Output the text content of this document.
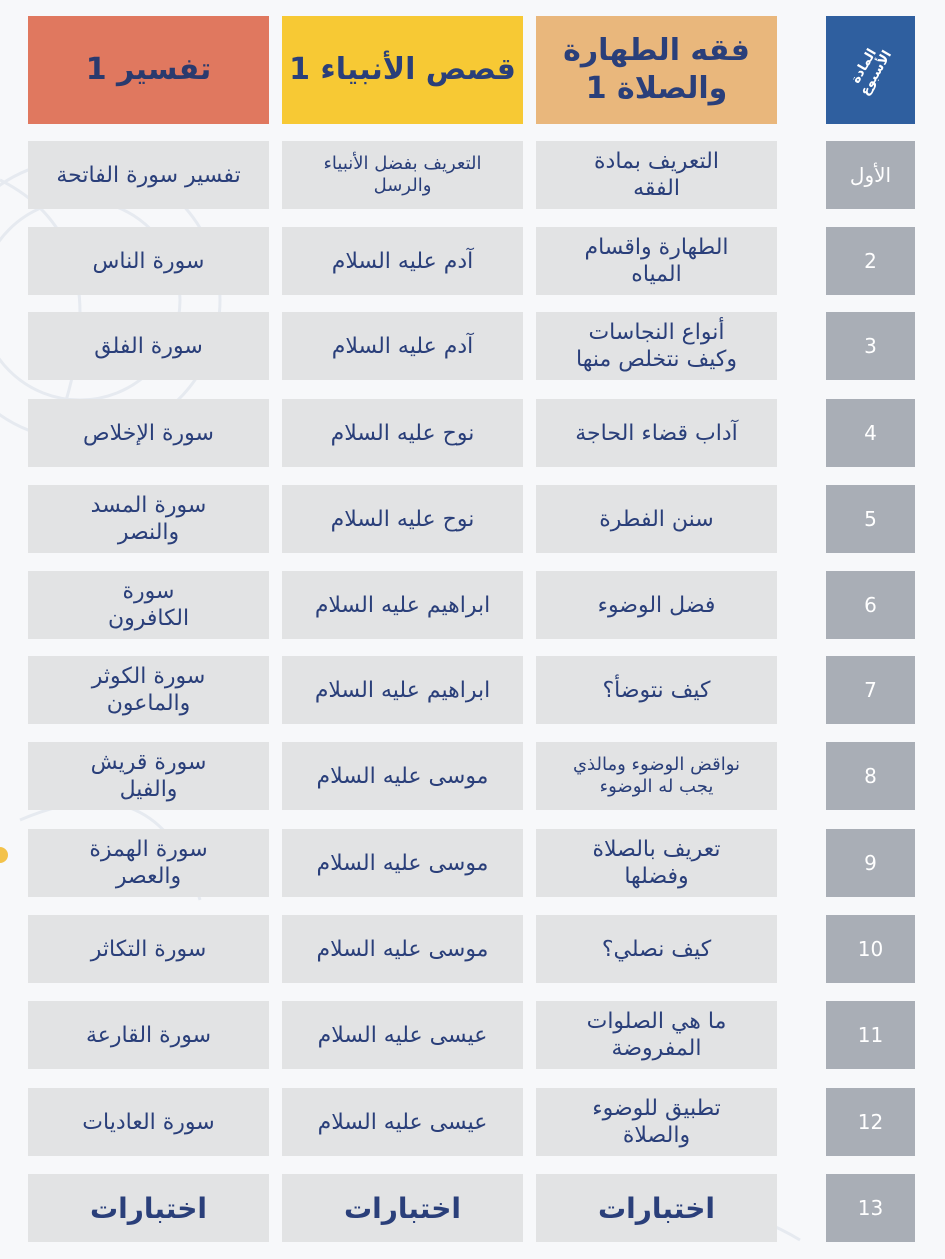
المادة
الأسبوع
فقه الطهارة
والصلاة 1
قصص الأنبياء 1
تفسير 1
الأول
التعريف بمادة
الفقه
التعريف بفضل الأنبياء
والرسل
تفسير سورة الفاتحة
2
الطهارة واقسام
المياه
آدم عليه السلام
سورة الناس
3
أنواع النجاسات
وكيف نتخلص منها
آدم عليه السلام
سورة الفلق
4
آداب قضاء الحاجة
نوح عليه السلام
سورة الإخلاص
5
سنن الفطرة
نوح عليه السلام
سورة المسد
والنصر
6
فضل الوضوء
ابراهيم عليه السلام
سورة
الكافرون
7
كيف نتوضأ؟
ابراهيم عليه السلام
سورة الكوثر
والماعون
8
نواقض الوضوء ومالذي
يجب له الوضوء
موسى عليه السلام
سورة قريش
والفيل
9
تعريف بالصلاة
وفضلها
موسى عليه السلام
سورة الهمزة
والعصر
10
كيف نصلي؟
موسى عليه السلام
سورة التكاثر
11
ما هي الصلوات
المفروضة
عيسى عليه السلام
سورة القارعة
12
تطبيق للوضوء
والصلاة
عيسى عليه السلام
سورة العاديات
13
اختبارات
اختبارات
اختبارات
